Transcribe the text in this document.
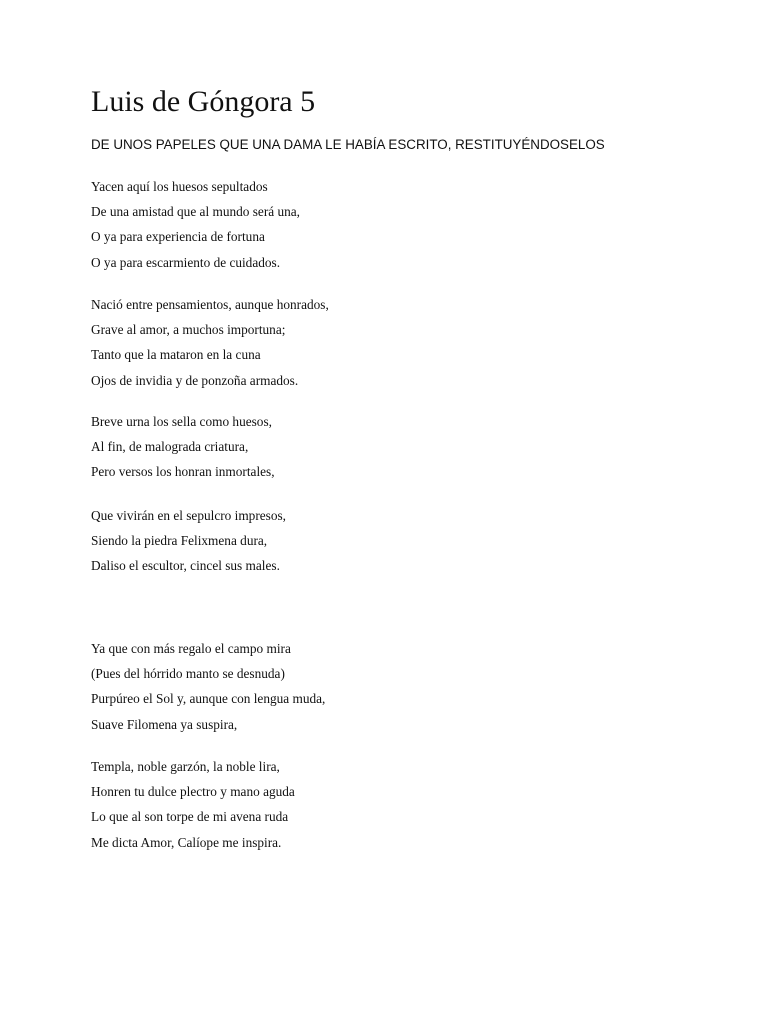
Luis de Góngora 5

DE UNOS PAPELES QUE UNA DAMA LE HABÍA ESCRITO, RESTITUYÉNDOSELOS

Yacen aquí los huesos sepultados
De una amistad que al mundo será una,
O ya para experiencia de fortuna
O ya para escarmiento de cuidados.
Nació entre pensamientos, aunque honrados,
Grave al amor, a muchos importuna;
Tanto que la mataron en la cuna
Ojos de invidia y de ponzoña armados.
Breve urna los sella como huesos,
Al fin, de malograda criatura,
Pero versos los honran inmortales,
Que vivirán en el sepulcro impresos,
Siendo la piedra Felixmena dura,
Daliso el escultor, cincel sus males.
Ya que con más regalo el campo mira
(Pues del hórrido manto se desnuda)
Purpúreo el Sol y, aunque con lengua muda,
Suave Filomena ya suspira,
Templa, noble garzón, la noble lira,
Honren tu dulce plectro y mano aguda
Lo que al son torpe de mi avena ruda
Me dicta Amor, Calíope me inspira.
